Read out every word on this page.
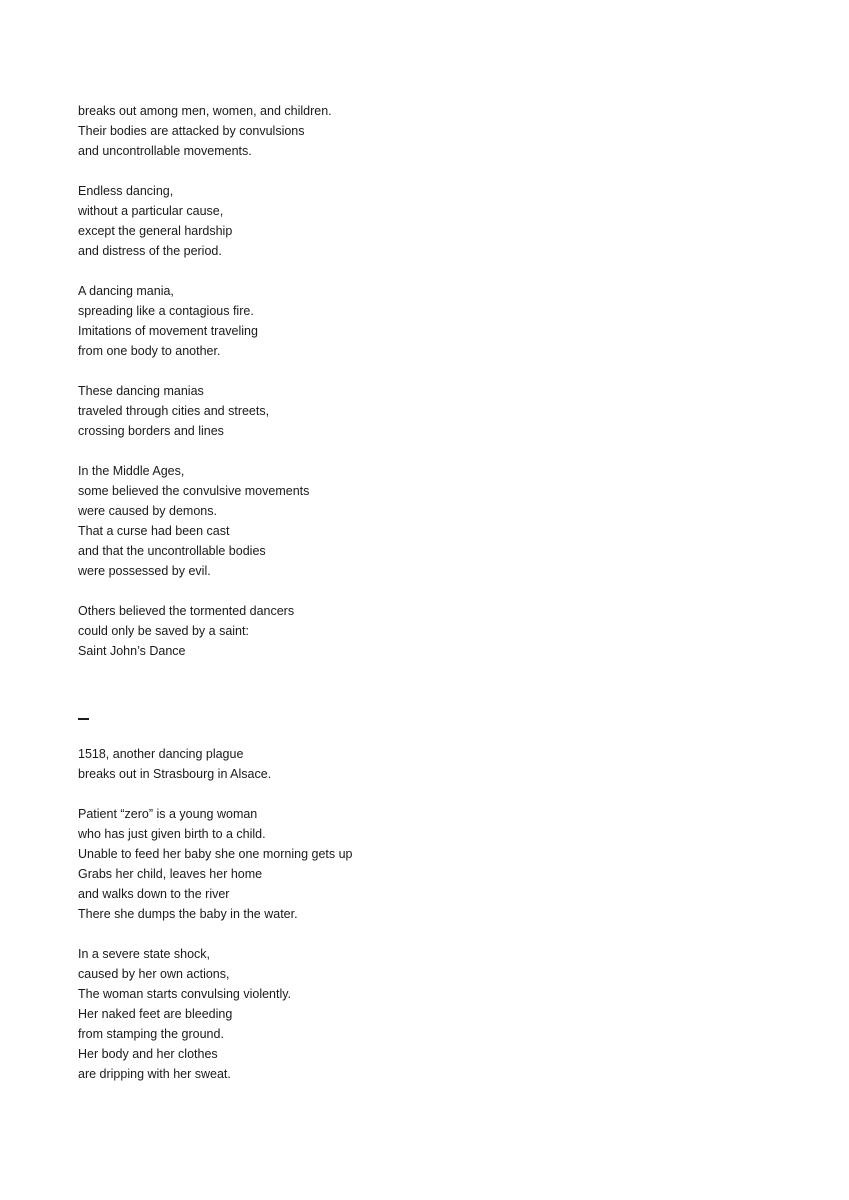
breaks out among men, women, and children.
Their bodies are attacked by convulsions
and uncontrollable movements.
Endless dancing,
without a particular cause,
except the general hardship
and distress of the period.
A dancing mania,
spreading like a contagious fire.
Imitations of movement traveling
from one body to another.
These dancing manias
traveled through cities and streets,
crossing borders and lines
In the Middle Ages,
some believed the convulsive movements
were caused by demons.
That a curse had been cast
and that the uncontrollable bodies
were possessed by evil.
Others believed the tormented dancers
could only be saved by a saint:
Saint John’s Dance
1518, another dancing plague
breaks out in Strasbourg in Alsace.
Patient “zero” is a young woman
who has just given birth to a child.
Unable to feed her baby she one morning gets up
Grabs her child, leaves her home
and walks down to the river
There she dumps the baby in the water.
In a severe state shock,
caused by her own actions,
The woman starts convulsing violently.
Her naked feet are bleeding
from stamping the ground.
Her body and her clothes
are dripping with her sweat.
